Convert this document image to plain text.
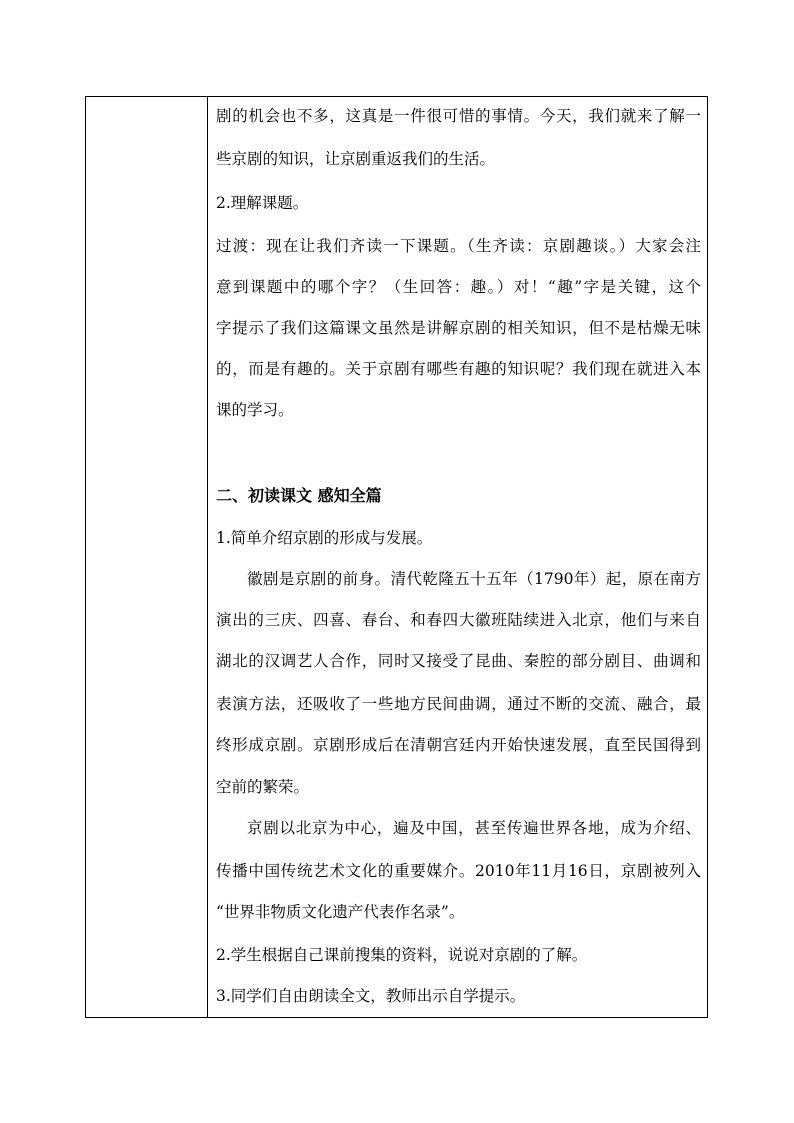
剧的机会也不多，这真是一件很可惜的事情。今天，我们就来了解一
些京剧的知识，让京剧重返我们的生活。
2.理解课题。
过渡：现在让我们齐读一下课题。（生齐读：京剧趣谈。）大家会注
意到课题中的哪个字？（生回答：趣。）对！“趣”字是关键，这个
字提示了我们这篇课文虽然是讲解京剧的相关知识，但不是枯燥无味
的，而是有趣的。关于京剧有哪些有趣的知识呢？我们现在就进入本
课的学习。
二、初读课文 感知全篇
1.简单介绍京剧的形成与发展。
徽剧是京剧的前身。清代乾隆五十五年（1790年）起，原在南方
演出的三庆、四喜、春台、和春四大徽班陆续进入北京，他们与来自
湖北的汉调艺人合作，同时又接受了昆曲、秦腔的部分剧目、曲调和
表演方法，还吸收了一些地方民间曲调，通过不断的交流、融合，最
终形成京剧。京剧形成后在清朝宫廷内开始快速发展，直至民国得到
空前的繁荣。
京剧以北京为中心，遍及中国，甚至传遍世界各地，成为介绍、
传播中国传统艺术文化的重要媒介。2010年11月16日，京剧被列入
“世界非物质文化遗产代表作名录”。
2.学生根据自己课前搜集的资料，说说对京剧的了解。
3.同学们自由朗读全文，教师出示自学提示。
